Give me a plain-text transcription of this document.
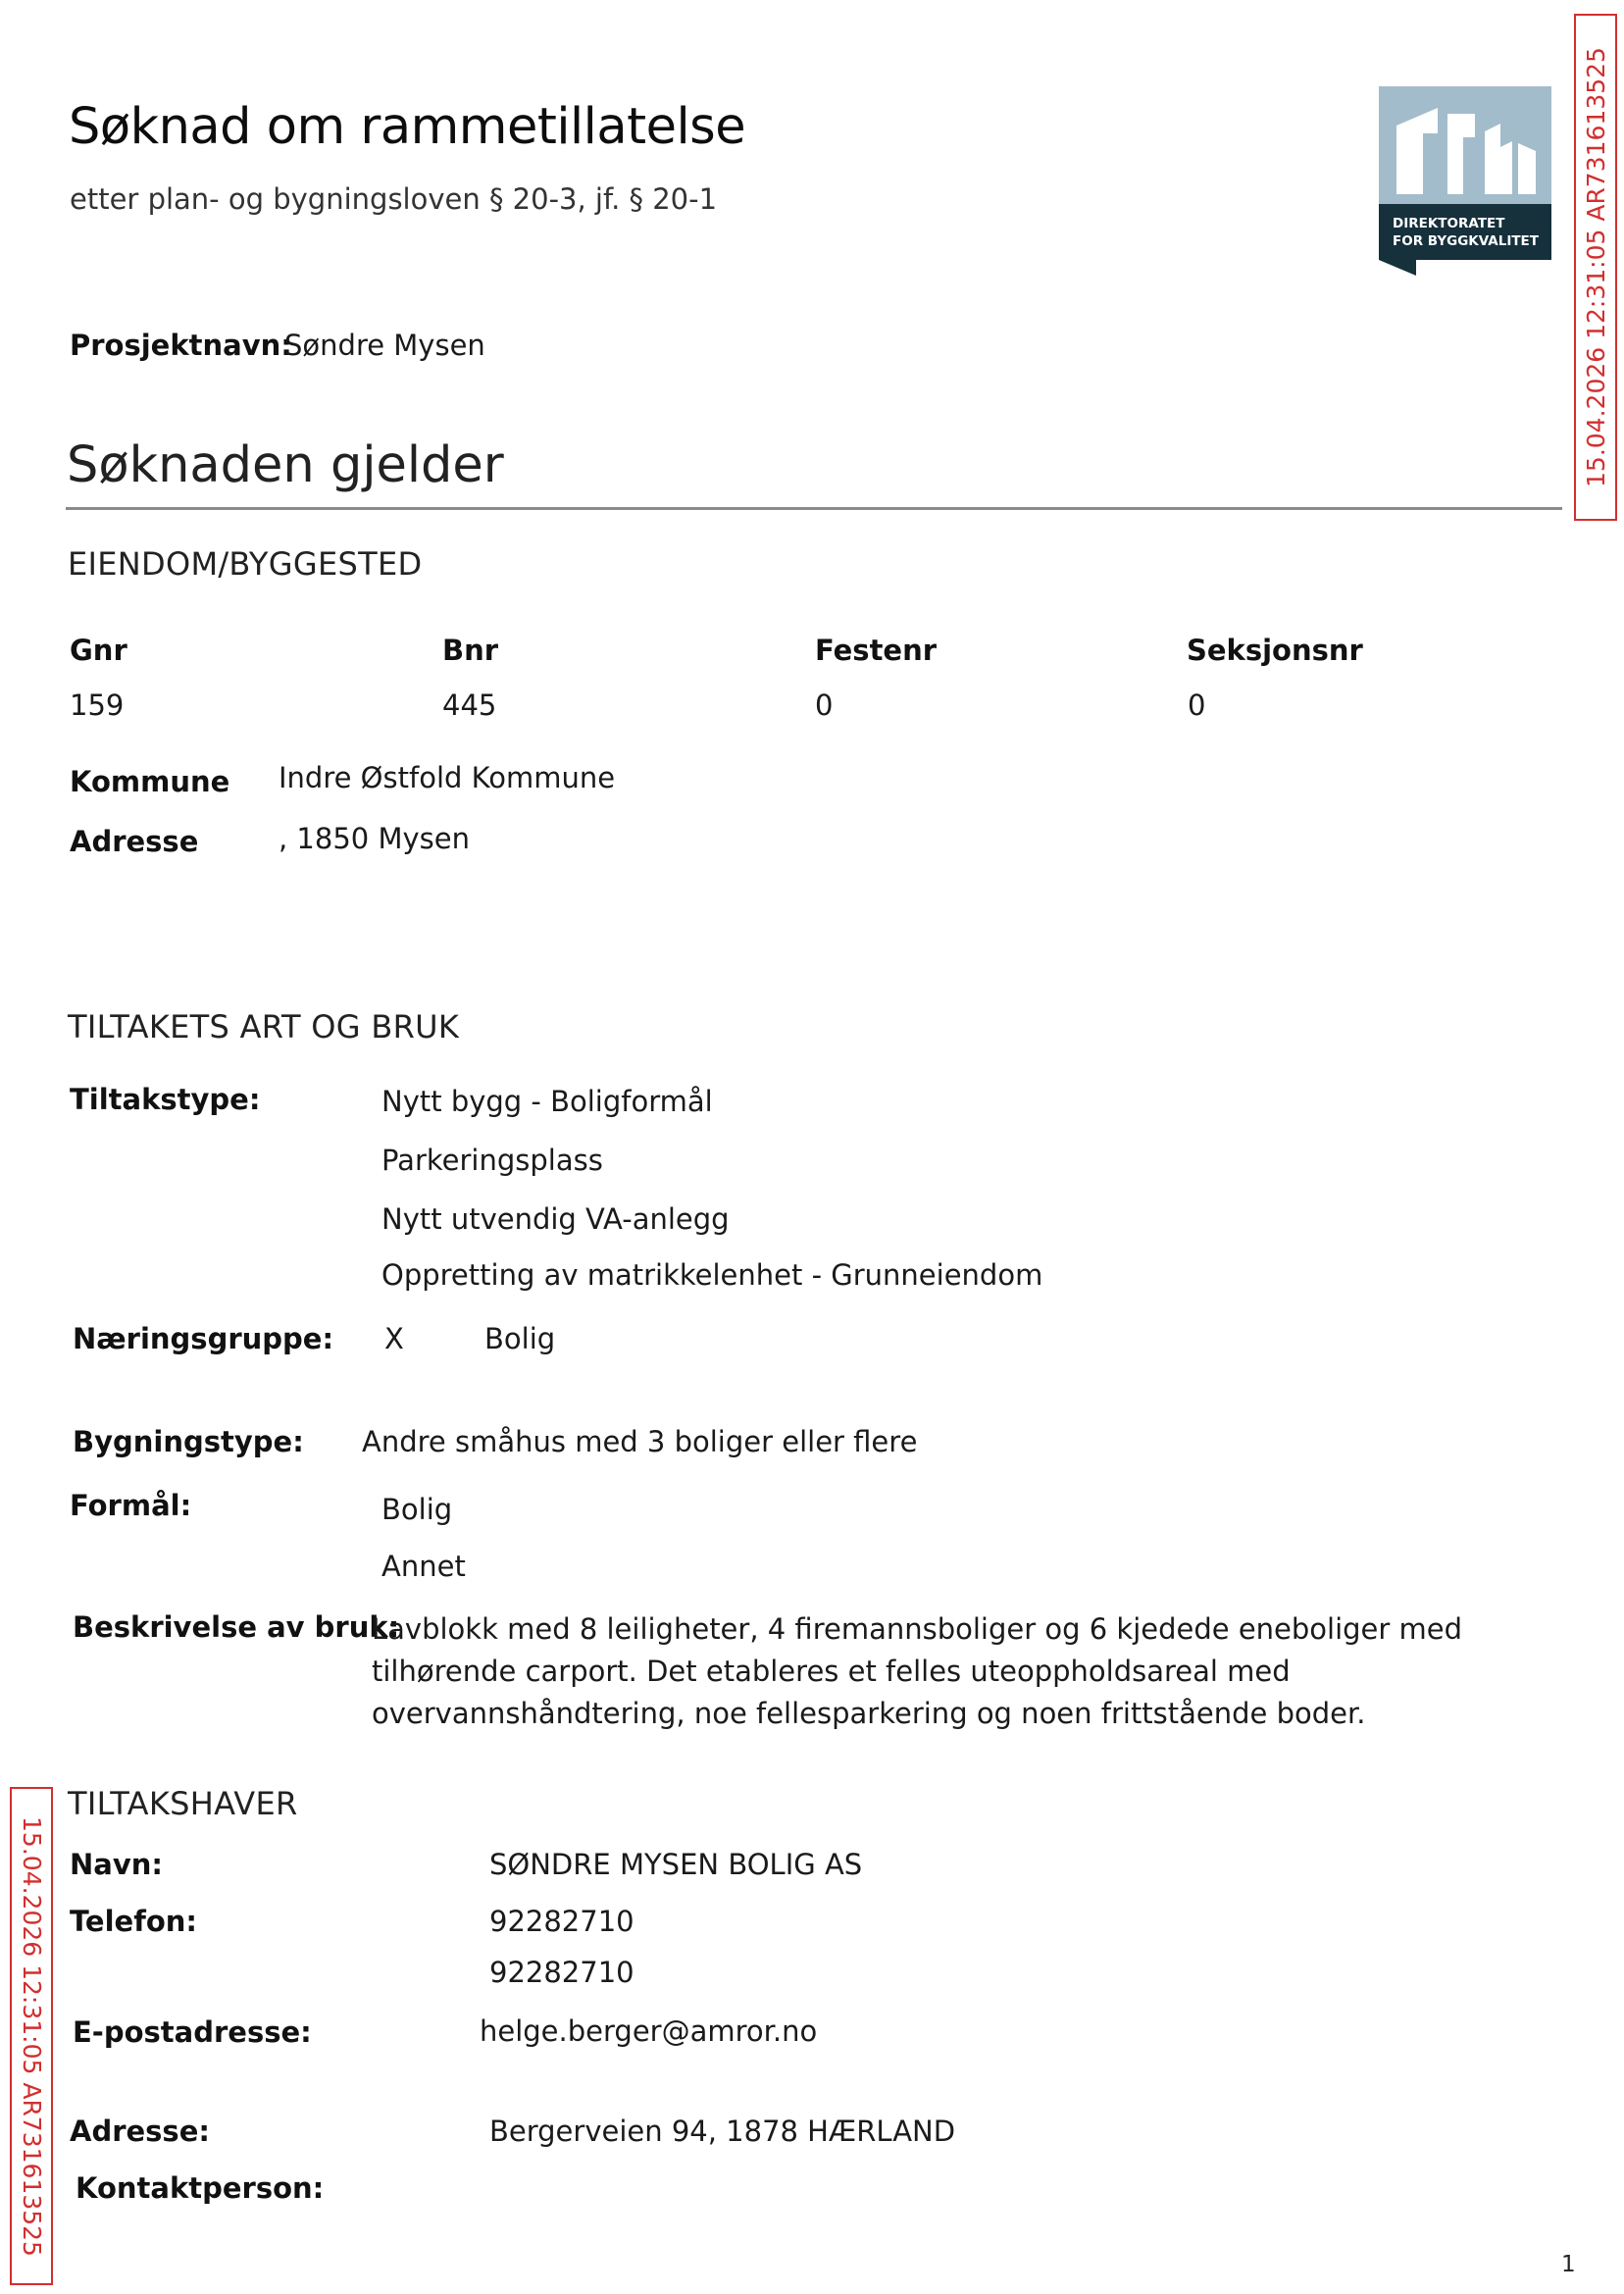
Søknad om rammetillatelse
etter plan- og bygningsloven § 20-3, jf. § 20-1
DIREKTORATET
FOR BYGGKVALITET 15.04.2026 12:31:05 AR731613525
15.04.2026 12:31:05 AR731613525
Prosjektnavn:
Søndre Mysen
Søknaden gjelder
EIENDOM/BYGGESTED
Gnr	Bnr	Festenr	Seksjonsnr
159	445	0	0
Kommune Indre Østfold Kommune
Adresse	, 1850 Mysen
TILTAKETS ART OG BRUK
Tiltakstype:	Nytt bygg - Boligformål
Parkeringsplass
Nytt utvendig VA-anlegg
Oppretting av matrikkelenhet - Grunneiendom
Næringsgruppe: X	Bolig
Bygningstype: Andre småhus med 3 boliger eller flere
Formål:	Bolig
Annet
Beskrivelse av bruk:
Lavblokk med 8 leiligheter, 4 firemannsboliger og 6 kjedede eneboliger med tilhørende carport. Det etableres et felles uteoppholdsareal med overvannshåndtering, noe fellesparkering og noen frittstående boder.
TILTAKSHAVER
Navn:	SØNDRE MYSEN BOLIG AS
Telefon:	92282710
92282710
E-postadresse:	helge.berger@amror.no
Adresse:	Bergerveien 94, 1878 HÆRLAND
Kontaktperson:
1
